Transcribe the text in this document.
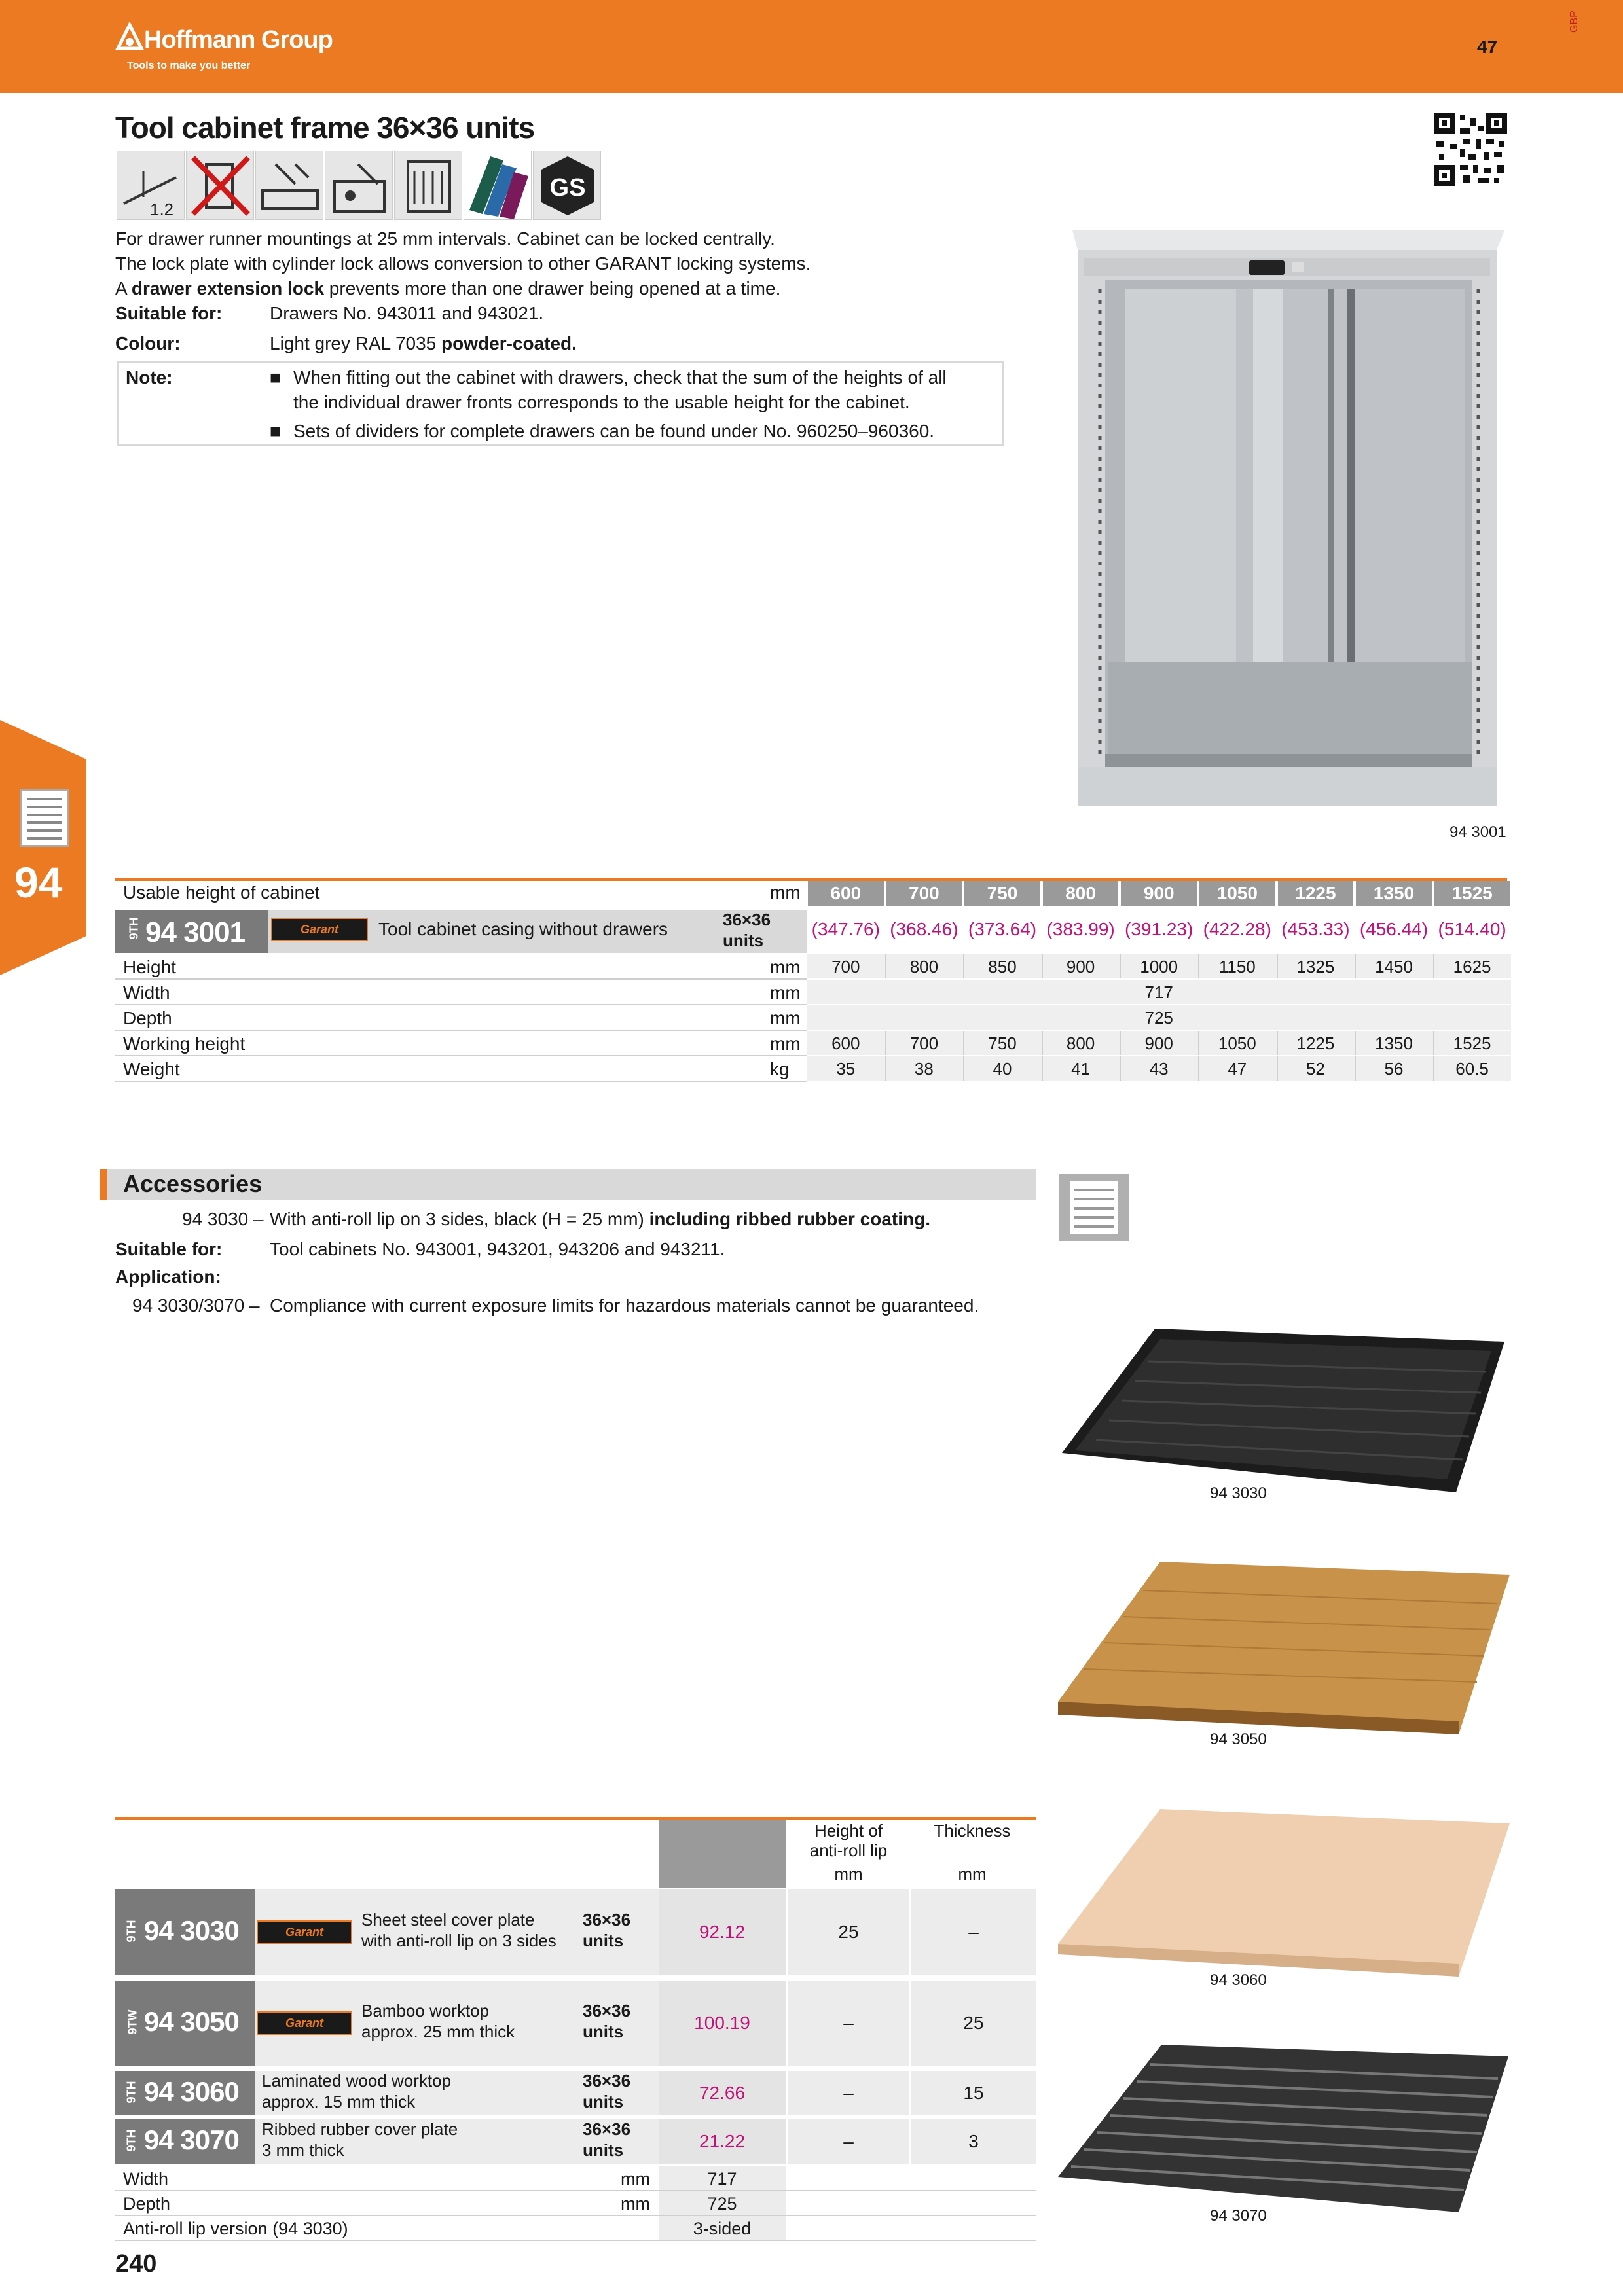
Hoffmann Group
Tools to make you better
47
GBP
Tool cabinet frame 36×36 units
1.2
GS
For drawer runner mountings at 25 mm intervals. Cabinet can be locked centrally.
The lock plate with cylinder lock allows conversion to other GARANT locking systems.
A drawer extension lock prevents more than one drawer being opened at a time.
Suitable for:	Drawers No. 943011 and 943021.
Colour:	Light grey RAL 7035 powder-coated.
Note:	■ When fitting out the cabinet with drawers, check that the sum of the heights of all
the individual drawer fronts corresponds to the usable height for the cabinet.
■ Sets of dividers for complete drawers can be found under No. 960250–960360.
94 3001
94	Usable height of cabinet	mm	600	700	750	800	900	1050	1225	1350	1525
9TH 94 3001	Garant	Tool cabinet casing without drawers	36×36
units
(347.76) (368.46) (373.64) (383.99) (391.23) (422.28) (453.33) (456.44) (514.40)
Height	mm	700	800	850	900	1000	1150	1325	1450	1625
Width	mm	717
Depth	mm	725
Working height	mm	600	700	750	800	900	1050	1225	1350	1525
Weight	kg	35	38	40	41	43	47	52	56	60.5
Accessories
94 3030 – With anti-roll lip on 3 sides, black (H = 25 mm) including ribbed rubber coating.
Suitable for:	Tool cabinets No. 943001, 943201, 943206 and 943211.
Application:
94 3030/3070 – Compliance with current exposure limits for hazardous materials cannot be guaranteed.
94 3030
94 3050
94 3060
94 3070
Height of
anti-roll lip
mm
Thickness
mm
9TH 94 3030	Garant
Sheet steel cover plate
with anti-roll lip on 3 sides
36×36
units	92.12	25	–
9TW 94 3050	Garant
Bamboo worktop
approx. 25 mm thick
36×36
units	100.19	–	25
9TH 94 3060 Laminated wood worktop
approx. 15 mm thick
36×36
units	72.66	–	15
9TH 94 3070 Ribbed rubber cover plate
3 mm thick
36×36
units	21.22	–	3
Width	mm	717
Depth	mm	725
Anti-roll lip version (94 3030)	3-sided
240
